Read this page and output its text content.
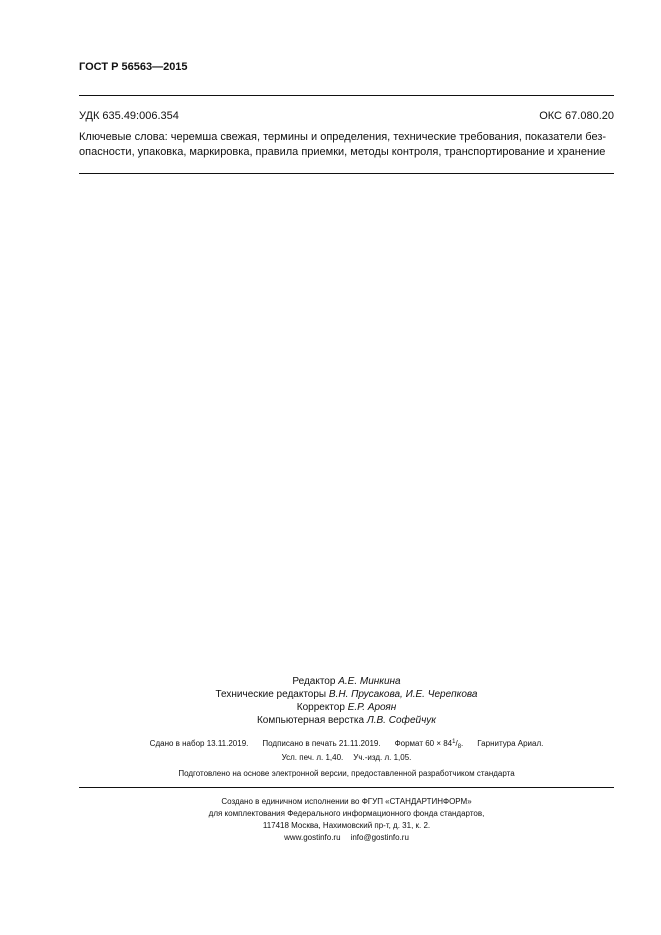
ГОСТ Р 56563—2015
УДК 635.49:006.354	ОКС 67.080.20
Ключевые слова: черемша свежая, термины и определения, технические требования, показатели без-
опасности, упаковка, маркировка, правила приемки, методы контроля, транспортирование и хранение
Редактор А.Е. Минкина
Технические редакторы В.Н. Прусакова, И.Е. Черепкова
Корректор Е.Р. Ароян
Компьютерная верстка Л.В. Софейчук
Сдано в набор 13.11.2019. Подписано в печать 21.11.2019. Формат $60 \times 84^1/_8$. Гарнитура Ариал.
Усл. печ. л. 1,40. Уч.-изд. л. 1,05.
Подготовлено на основе электронной версии, предоставленной разработчиком стандарта
Создано в единичном исполнении во ФГУП «СТАНДАРТИНФОРМ»
для комплектования Федерального информационного фонда стандартов,
117418 Москва, Нахимовский пр-т, д. 31, к. 2.
www.gostinfo.ru info@gostinfo.ru
